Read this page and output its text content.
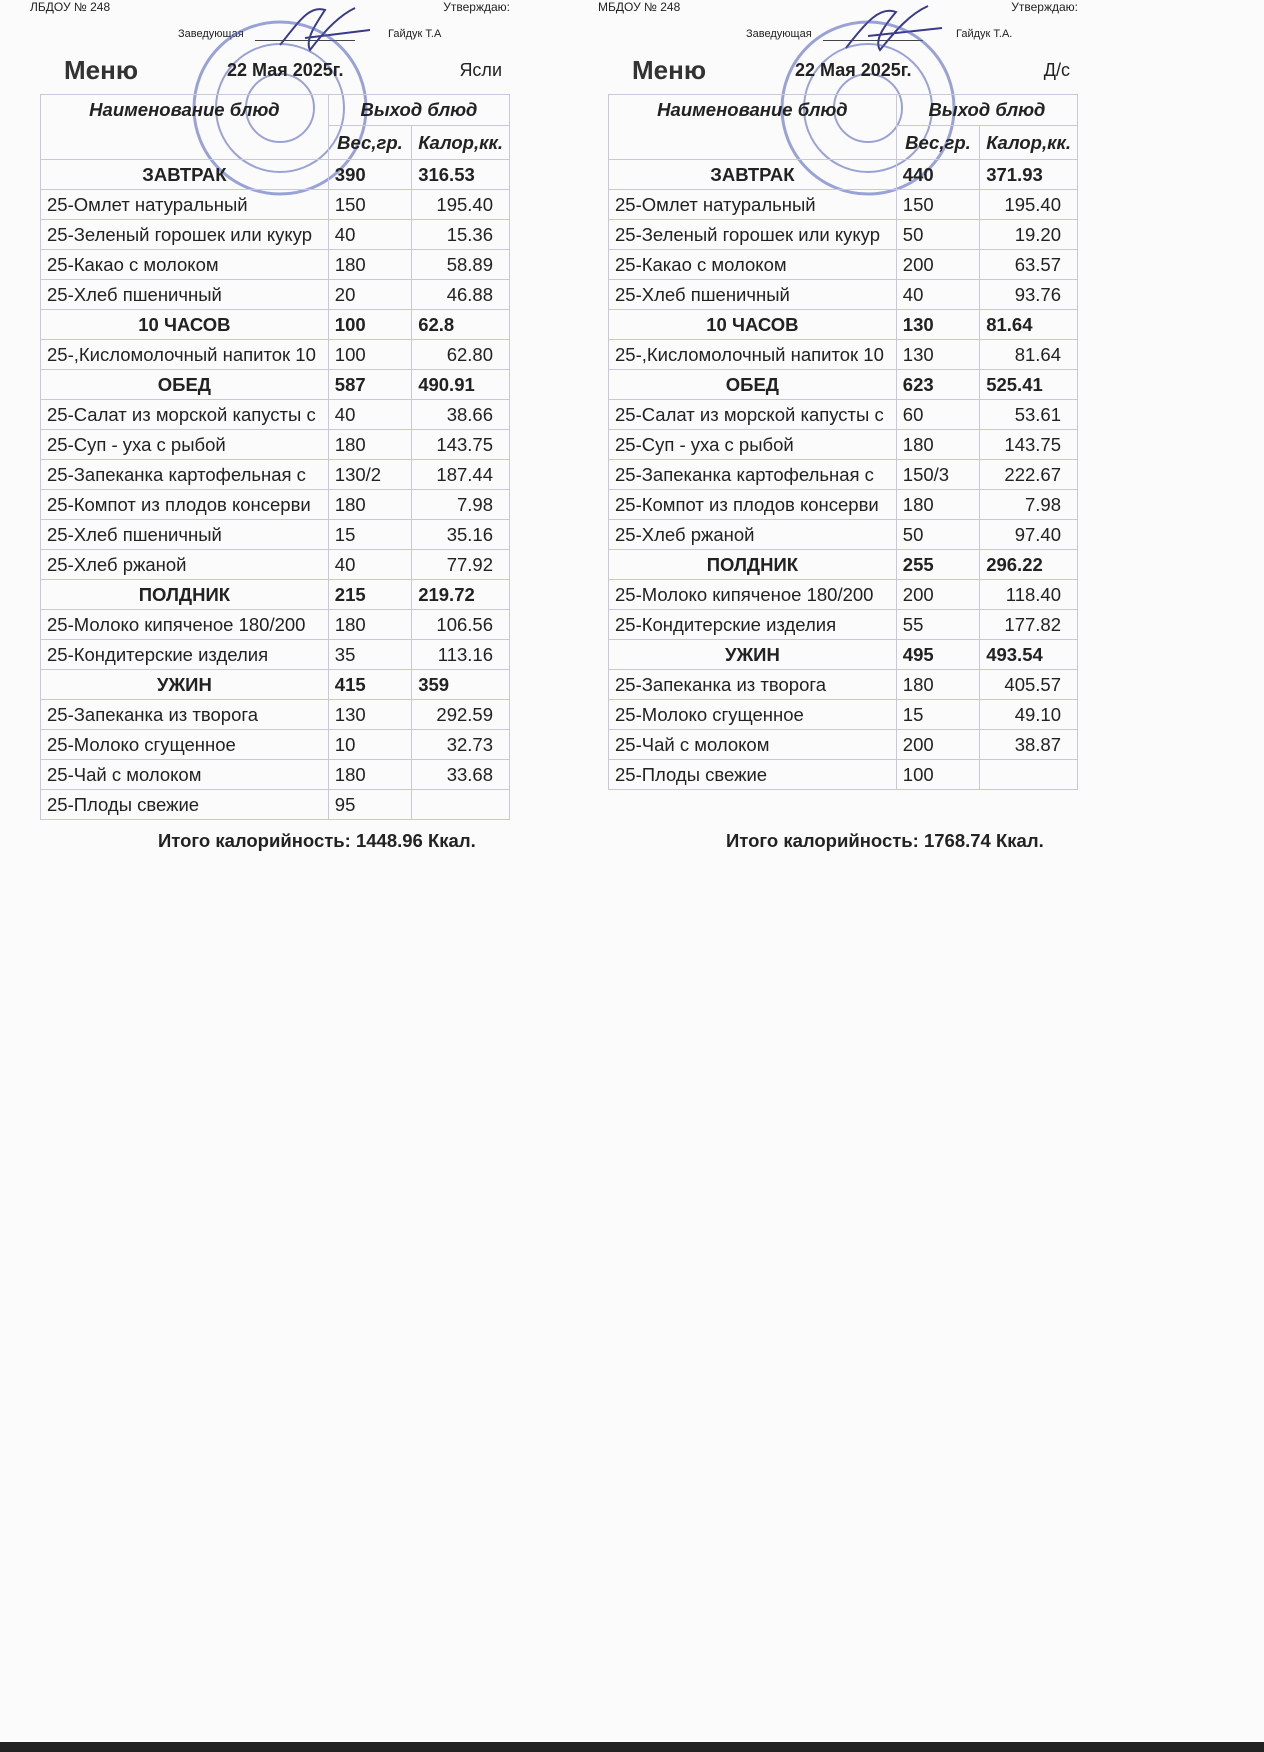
ЛБДОУ № 248	Утверждаю:
Заведующая	Гайдук Т.А
Меню	22 Мая 2025г.	Ясли
Наименование блюд	Выход блюд	
	Вес,гр.	Калор,кк.
ЗАВТРАК	390	316.53
25-Омлет натуральный	150	195.40
25-Зеленый горошек или кукур	40	15.36
25-Какао с молоком	180	58.89
25-Хлеб пшеничный	20	46.88
10 ЧАСОВ	100	62.8
25-,Кисломолочный напиток 10	100	62.80
ОБЕД	587	490.91
25-Салат из морской капусты с	40	38.66
25-Суп - уха с рыбой	180	143.75
25-Запеканка картофельная с	130/2	187.44
25-Компот из плодов консерви	180	7.98
25-Хлеб пшеничный	15	35.16
25-Хлеб ржаной	40	77.92
ПОЛДНИК	215	219.72
25-Молоко кипяченое 180/200	180	106.56
25-Кондитерские изделия	35	113.16
УЖИН	415	359
25-Запеканка из творога	130	292.59
25-Молоко сгущенное	10	32.73
25-Чай с молоком	180	33.68
25-Плоды свежие	95	
Итого калорийность: 1448.96 Ккал.
МБДОУ № 248	Утверждаю:
Заведующая	Гайдук Т.А.
Меню	22 Мая 2025г.	Д/с
Наименование блюд	Выход блюд	
	Вес,гр.	Калор,кк.
ЗАВТРАК	440	371.93
25-Омлет натуральный	150	195.40
25-Зеленый горошек или кукур	50	19.20
25-Какао с молоком	200	63.57
25-Хлеб пшеничный	40	93.76
10 ЧАСОВ	130	81.64
25-,Кисломолочный напиток 10	130	81.64
ОБЕД	623	525.41
25-Салат из морской капусты с	60	53.61
25-Суп - уха с рыбой	180	143.75
25-Запеканка картофельная с	150/3	222.67
25-Компот из плодов консерви	180	7.98
25-Хлеб ржаной	50	97.40
ПОЛДНИК	255	296.22
25-Молоко кипяченое 180/200	200	118.40
25-Кондитерские изделия	55	177.82
УЖИН	495	493.54
25-Запеканка из творога	180	405.57
25-Молоко сгущенное	15	49.10
25-Чай с молоком	200	38.87
25-Плоды свежие	100	
Итого калорийность: 1768.74 Ккал.
